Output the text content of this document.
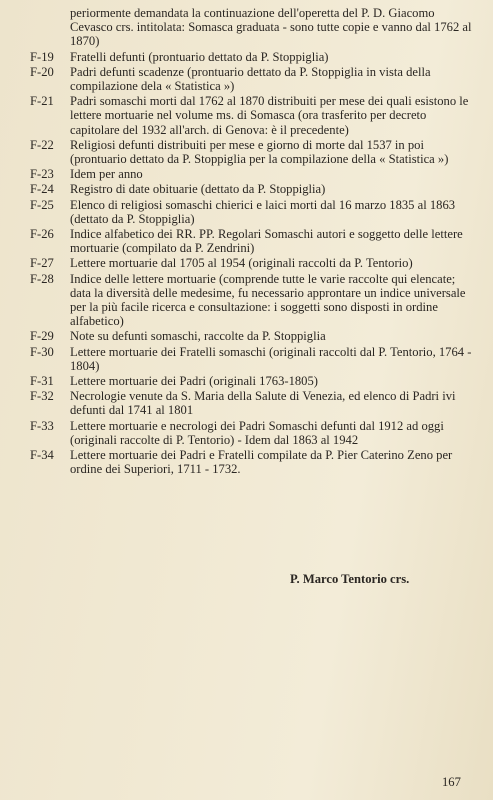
periormente demandata la continuazione dell'operetta del P. D. Giacomo Cevasco crs. intitolata: Somasca graduata - sono tutte copie e vanno dal 1762 al 1870)
F-19	Fratelli defunti (prontuario dettato da P. Stoppiglia)
F-20	Padri defunti scadenze (prontuario dettato da P. Stoppiglia in vista della compilazione dela « Statistica »)
F-21	Padri somaschi morti dal 1762 al 1870 distribuiti per mese dei quali esistono le lettere mortuarie nel volume ms. di Somasca (ora trasferito per decreto capitolare del 1932 all'arch. di Genova: è il precedente)
F-22	Religiosi defunti distribuiti per mese e giorno di morte dal 1537 in poi (prontuario dettato da P. Stoppiglia per la compilazione della « Statistica »)
F-23	Idem per anno
F-24	Registro di date obituarie (dettato da P. Stoppiglia)
F-25	Elenco di religiosi somaschi chierici e laici morti dal 16 marzo 1835 al 1863 (dettato da P. Stoppiglia)
F-26	Indice alfabetico dei RR. PP. Regolari Somaschi autori e soggetto delle lettere mortuarie (compilato da P. Zendrini)
F-27	Lettere mortuarie dal 1705 al 1954 (originali raccolti da P. Tentorio)
F-28	Indice delle lettere mortuarie (comprende tutte le varie raccolte qui elencate; data la diversità delle medesime, fu necessario approntare un indice universale per la più facile ricerca e consultazione: i soggetti sono disposti in ordine alfabetico)
F-29	Note su defunti somaschi, raccolte da P. Stoppiglia
F-30	Lettere mortuarie dei Fratelli somaschi (originali raccolti dal P. Tentorio, 1764 - 1804)
F-31	Lettere mortuarie dei Padri (originali 1763-1805)
F-32	Necrologie venute da S. Maria della Salute di Venezia, ed elenco di Padri ivi defunti dal 1741 al 1801
F-33	Lettere mortuarie e necrologi dei Padri Somaschi defunti dal 1912 ad oggi (originali raccolte di P. Tentorio) - Idem dal 1863 al 1942
F-34	Lettere mortuarie dei Padri e Fratelli compilate da P. Pier Caterino Zeno per ordine dei Superiori, 1711 - 1732.
P. Marco Tentorio crs.
167
